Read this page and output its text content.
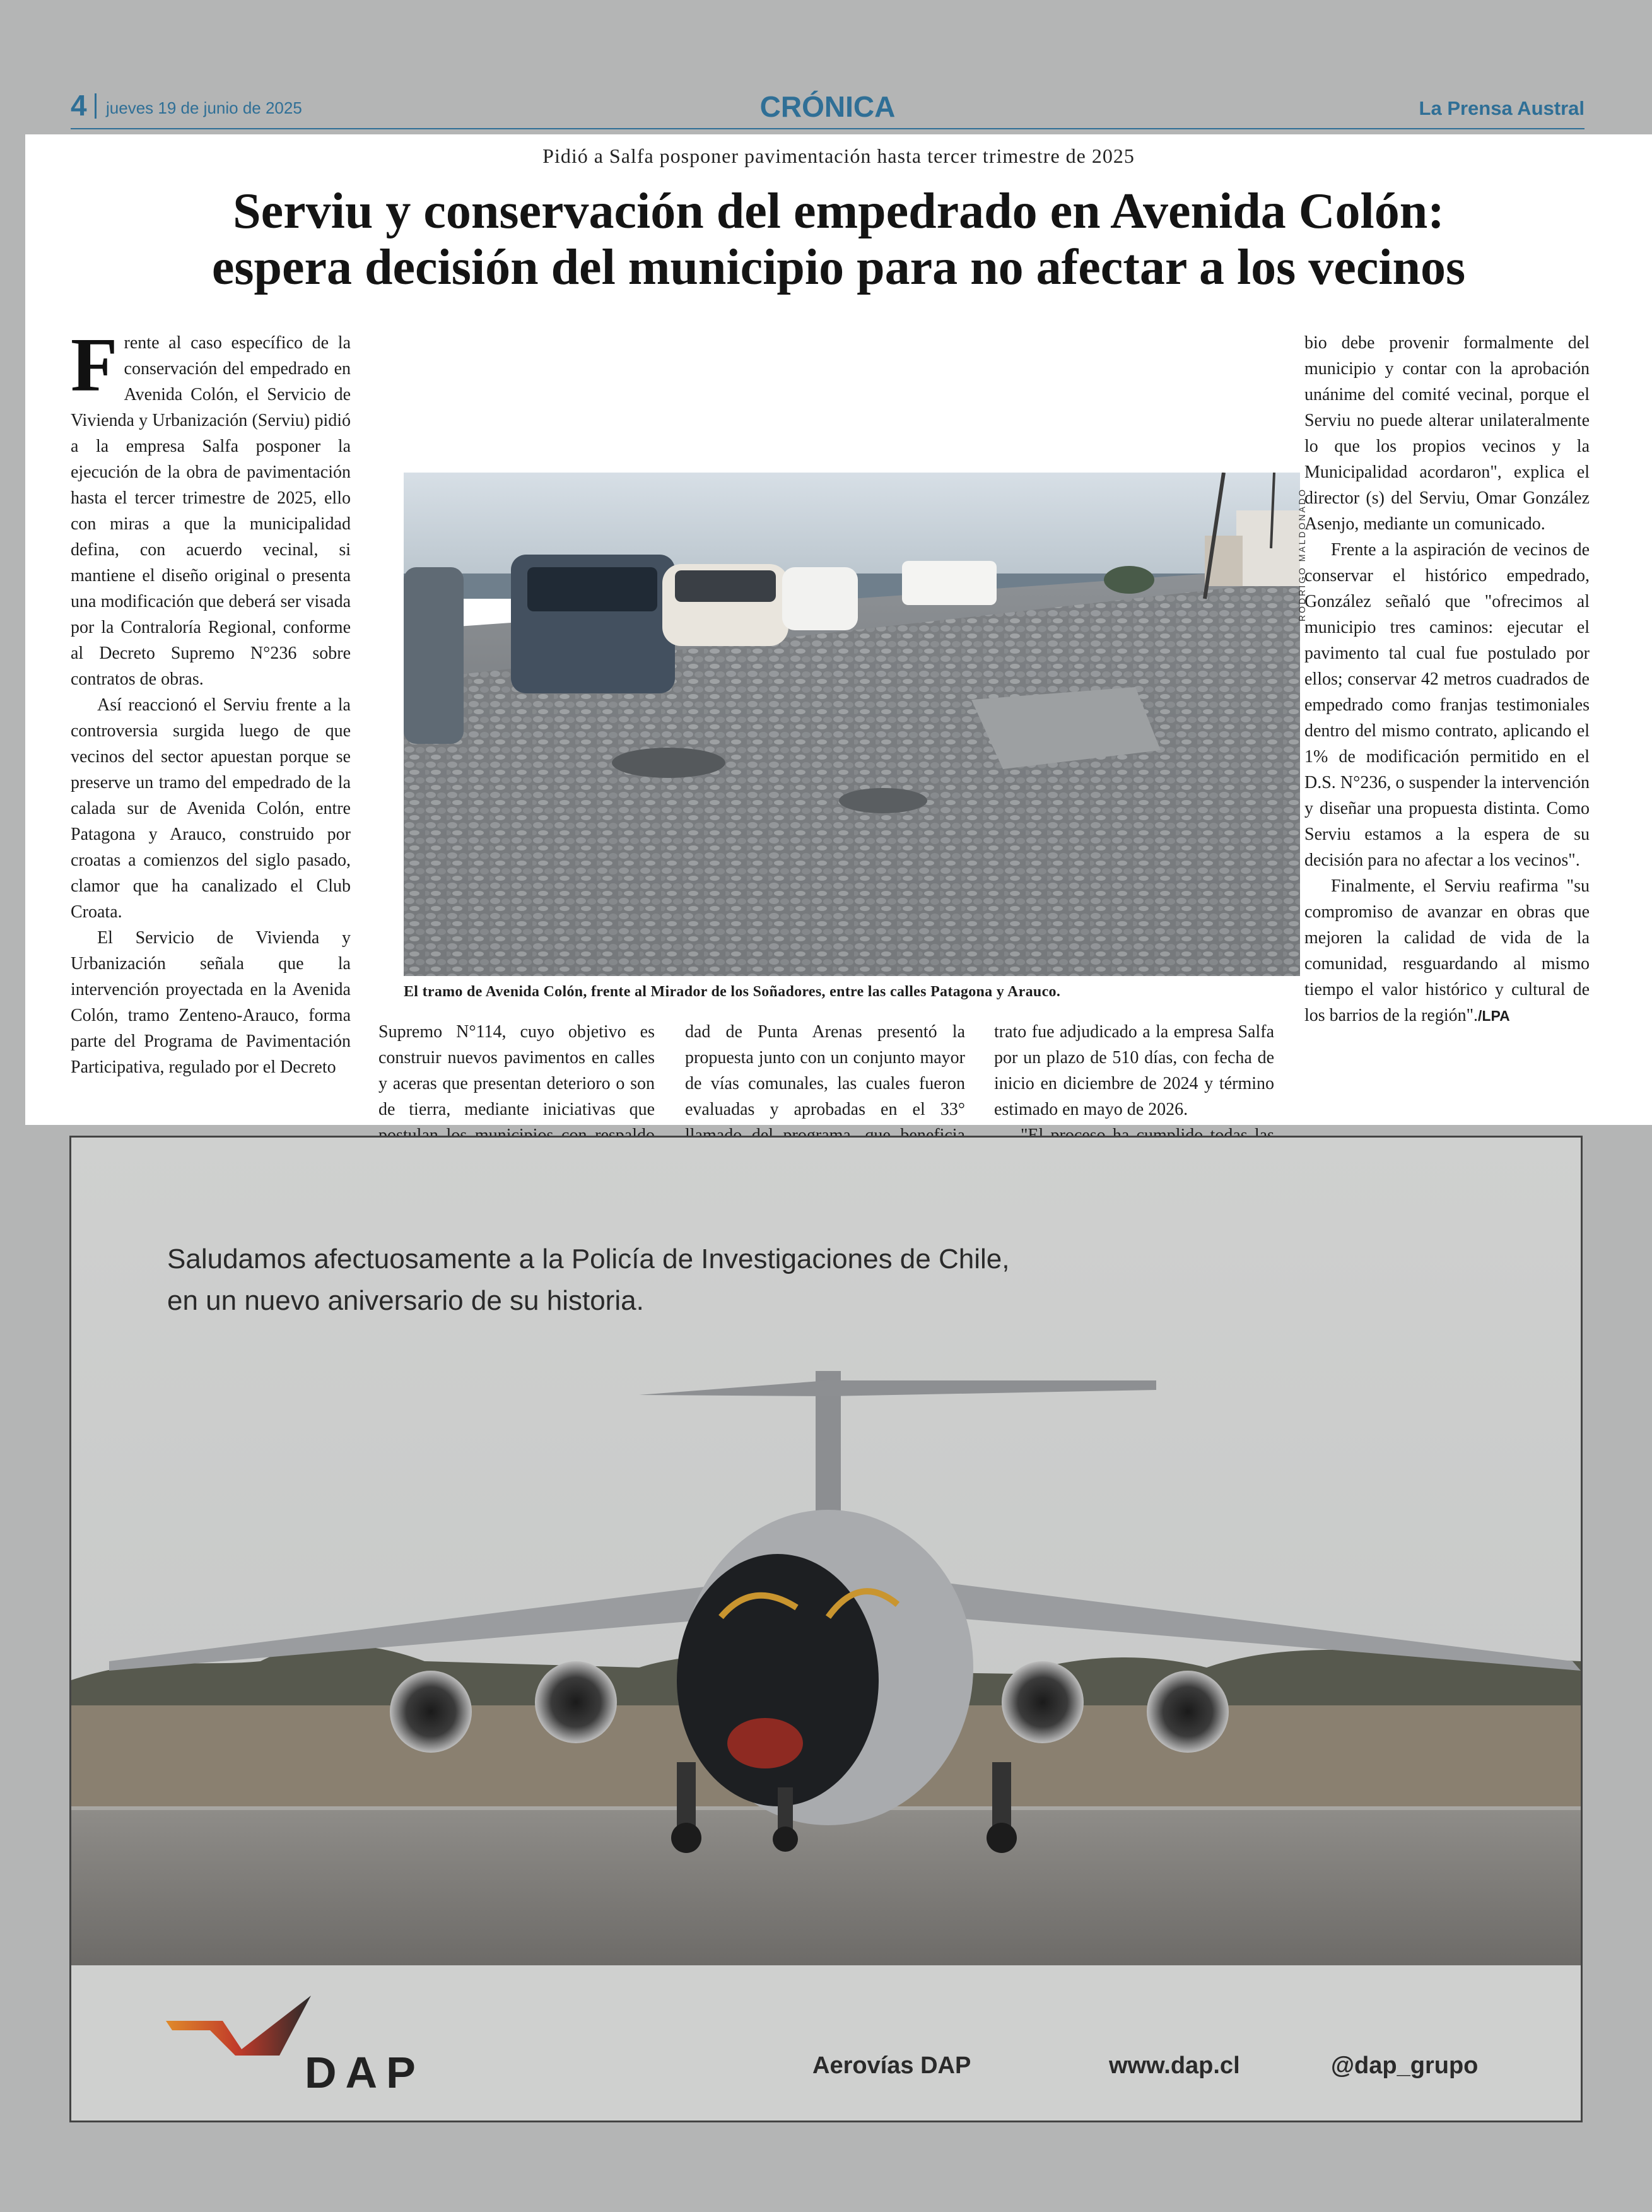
4 jueves 19 de junio de 2025	CRÓNICA	La Prensa Austral
Pidió a Salfa posponer pavimentación hasta tercer trimestre de 2025
Serviu y conservación del empedrado en Avenida Colón:
espera decisión del municipio para no afectar a los vecinos

Frente al caso específico de la conservación del empedrado en Avenida Colón, el Servicio de Vivienda y Urbanización (Serviu) pidió a la empresa Salfa posponer la ejecución de la obra de pavimentación hasta el tercer trimestre de 2025, ello con miras a que la municipalidad defina, con acuerdo vecinal, si mantiene el diseño original o presenta una modificación que deberá ser visada por la Contraloría Regional, conforme al Decreto Supremo N°236 sobre contratos de obras.

Así reaccionó el Serviu frente a la controversia surgida luego de que vecinos del sector apuestan porque se preserve un tramo del empedrado de la calada sur de Avenida Colón, entre Patagona y Arauco, construido por croatas a comienzos del siglo pasado, clamor que ha canalizado el Club Croata.

El Servicio de Vivienda y Urbanización señala que la intervención proyectada en la Avenida Colón, tramo Zenteno-Arauco, forma parte del Programa de Pavimentación Participativa, regulado por el Decreto

RODRIGO MALDONADO
El tramo de Avenida Colón, frente al Mirador de los Soñadores, entre las calles Patagona y Arauco.

Supremo N°114, cuyo objetivo es construir nuevos pavimentos en calles y aceras que presentan deterioro o son de tierra, mediante iniciativas que

dad de Punta Arenas presentó la propuesta junto con un conjunto mayor de vías comunales, las cuales fueron evaluadas y aprobadas en el 33°

trato fue adjudicado a la empresa Salfa por un plazo de 510 días, con fecha de inicio en diciembre de 2024 y término estimado en mayo de 2026.

bio debe provenir formalmente del municipio y contar con la aprobación unánime del comité vecinal, porque el Serviu no puede alterar unilateralmente lo que los propios vecinos y la Municipalidad acordaron", explica el director (s) del Serviu, Omar González Asenjo, mediante un comunicado.

Frente a la aspiración de vecinos de conservar el histórico empedrado, González señaló que "ofrecimos al municipio tres caminos: ejecutar el pavimento tal cual fue postulado por ellos; conservar 42 metros cuadrados de empedrado como franjas testimoniales dentro del mismo contrato, aplicando el 1% de modificación permitido en el D.S. N°236, o suspender la intervención y diseñar una propuesta distinta. Como Serviu estamos a la espera de su decisión para no afectar a los vecinos".

Finalmente, el Serviu reafirma "su compromiso de avanzar en obras que mejoren la calidad de vida de la comunidad, resguardando al mismo tiempo el valor histórico y cultural de los barrios de la región"./LPA

Saludamos afectuosamente a la Policía de Investigaciones de Chile,
en un nuevo aniversario de su historia.
DAP	Aerovías DAP	www.dap.cl	@dap_grupo
